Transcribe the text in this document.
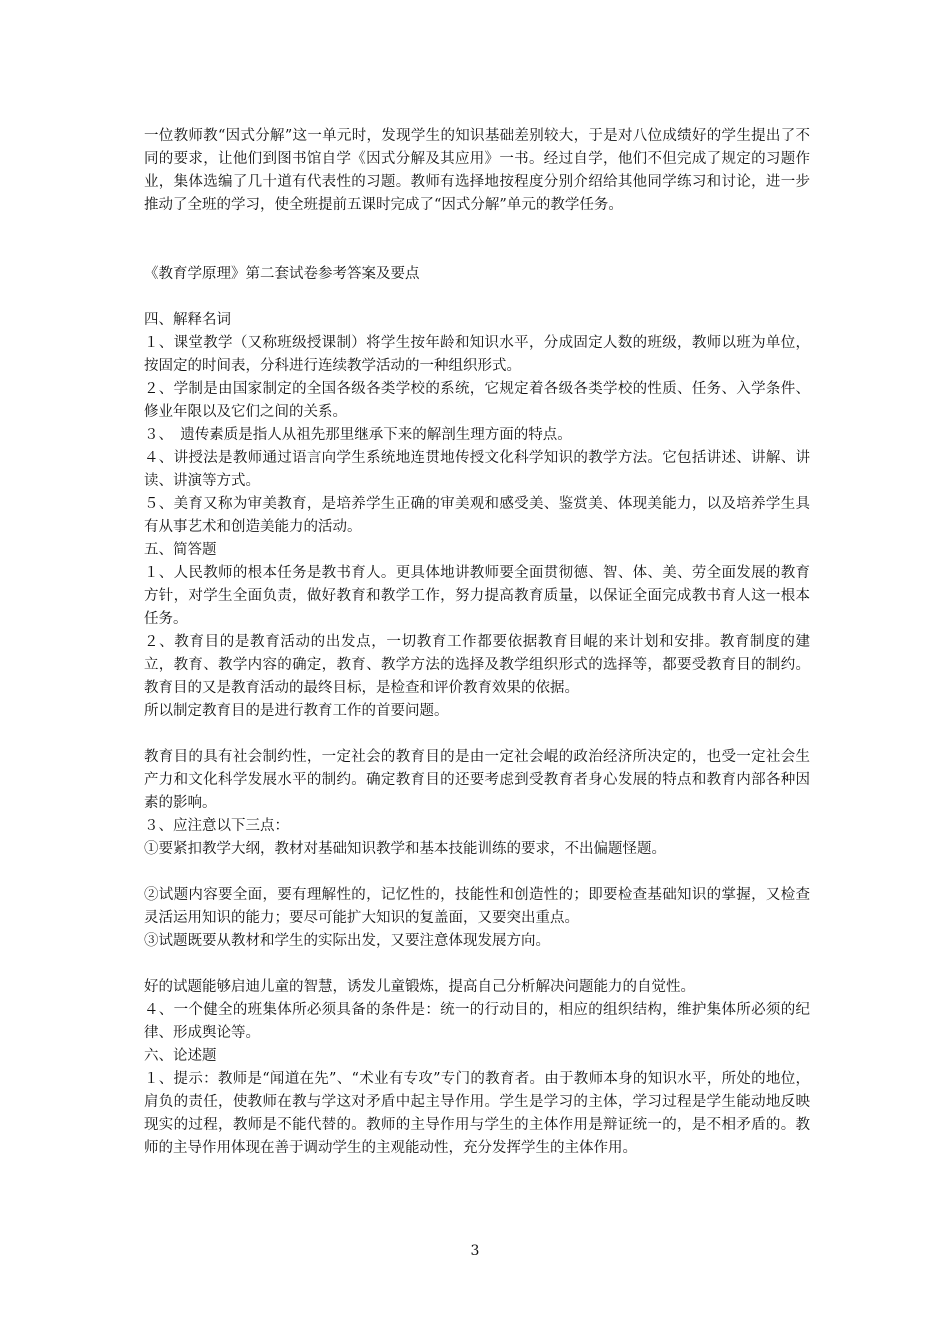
一位教师教“因式分解”这一单元时，发现学生的知识基础差别较大，于是对八位成绩好的学生提出了不同的要求，让他们到图书馆自学《因式分解及其应用》一书。经过自学，他们不但完成了规定的习题作业，集体选编了几十道有代表性的习题。教师有选择地按程度分别介绍给其他同学练习和讨论，进一步推动了全班的学习，使全班提前五课时完成了“因式分解”单元的教学任务。

《教育学原理》第二套试卷参考答案及要点

四、解释名词

１、课堂教学（又称班级授课制）将学生按年龄和知识水平，分成固定人数的班级，教师以班为单位，按固定的时间表，分科进行连续教学活动的一种组织形式。

２、学制是由国家制定的全国各级各类学校的系统，它规定着各级各类学校的性质、任务、入学条件、修业年限以及它们之间的关系。

３、　遗传素质是指人从祖先那里继承下来的解剖生理方面的特点。

４、讲授法是教师通过语言向学生系统地连贯地传授文化科学知识的教学方法。它包括讲述、讲解、讲读、讲演等方式。

５、美育又称为审美教育，是培养学生正确的审美观和感受美、鉴赏美、体现美能力，以及培养学生具有从事艺术和创造美能力的活动。

五、简答题

１、人民教师的根本任务是教书育人。更具体地讲教师要全面贯彻德、智、体、美、劳全面发展的教育方针，对学生全面负责，做好教育和教学工作，努力提高教育质量，以保证全面完成教书育人这一根本任务。

２、教育目的是教育活动的出发点，一切教育工作都要依据教育目崐的来计划和安排。教育制度的建立，教育、教学内容的确定，教育、教学方法的选择及教学组织形式的选择等，都要受教育目的制约。教育目的又是教育活动的最终目标，是检查和评价教育效果的依据。

所以制定教育目的是进行教育工作的首要问题。

教育目的具有社会制约性，一定社会的教育目的是由一定社会崐的政治经济所决定的，也受一定社会生产力和文化科学发展水平的制约。确定教育目的还要考虑到受教育者身心发展的特点和教育内部各种因素的影响。

３、应注意以下三点：

①要紧扣教学大纲，教材对基础知识教学和基本技能训练的要求，不出偏题怪题。

②试题内容要全面，要有理解性的，记忆性的，技能性和创造性的；即要检查基础知识的掌握，又检查灵活运用知识的能力；要尽可能扩大知识的复盖面，又要突出重点。

③试题既要从教材和学生的实际出发，又要注意体现发展方向。

好的试题能够启迪儿童的智慧，诱发儿童锻炼，提高自己分析解决问题能力的自觉性。

４、一个健全的班集体所必须具备的条件是：统一的行动目的，相应的组织结构，维护集体所必须的纪律、形成舆论等。

六、论述题

１、提示：教师是“闻道在先”、“术业有专攻”专门的教育者。由于教师本身的知识水平，所处的地位，肩负的责任，使教师在教与学这对矛盾中起主导作用。学生是学习的主体，学习过程是学生能动地反映现实的过程，教师是不能代替的。教师的主导作用与学生的主体作用是辩证统一的，是不相矛盾的。教师的主导作用体现在善于调动学生的主观能动性，充分发挥学生的主体作用。

3
